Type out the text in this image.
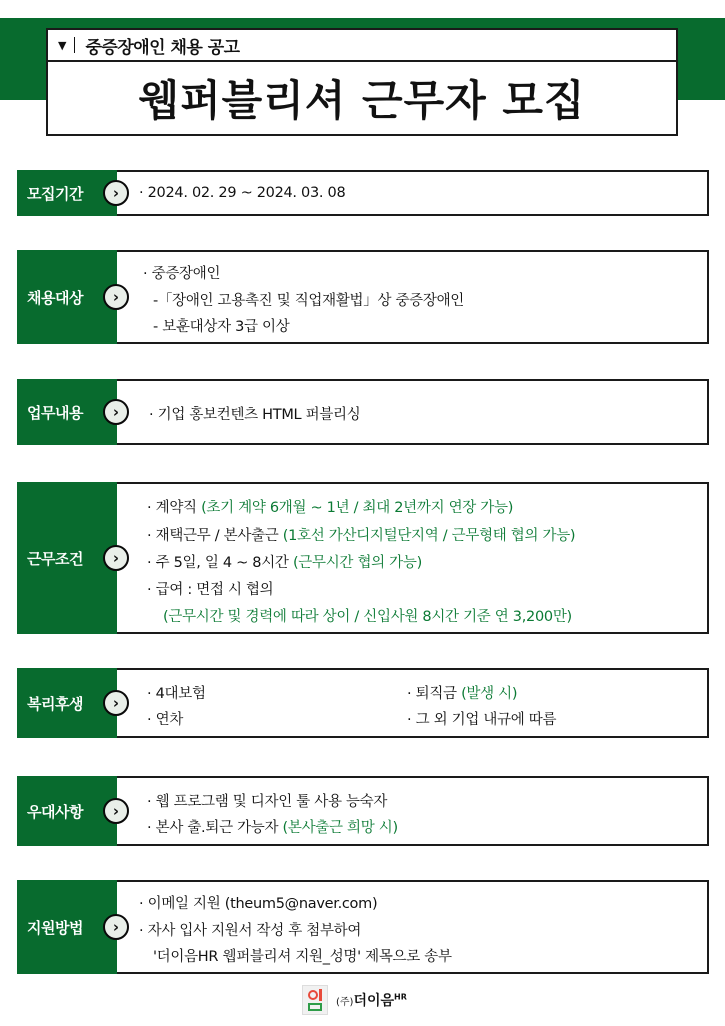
▼ 중증장애인 채용 공고
웹퍼블리셔 근무자 모집
· 2024. 02. 29 ~ 2024. 03. 08
모집기간	›
· 중증장애인
-「장애인 고용촉진 및 직업재활법」상 중증장애인
- 보훈대상자 3급 이상
채용대상	›
· 기업 홍보컨텐츠 HTML 퍼블리싱
업무내용	›
· 계약직 (초기 계약 6개월 ~ 1년 / 최대 2년까지 연장 가능)
· 재택근무 / 본사출근 (1호선 가산디지털단지역 / 근무형태 협의 가능)
· 주 5일, 일 4 ~ 8시간 (근무시간 협의 가능)
· 급여 : 면접 시 협의
(근무시간 및 경력에 따라 상이 / 신입사원 8시간 기준 연 3,200만)
근무조건	›
· 4대보험
· 연차
· 퇴직금 (발생 시)
· 그 외 기업 내규에 따름
복리후생	›
· 웹 프로그램 및 디자인 툴 사용 능숙자
· 본사 출.퇴근 가능자 (본사출근 희망 시)
우대사항	›
· 이메일 지원 (theum5@naver.com)
· 자사 입사 지원서 작성 후 첨부하여
'더이음HR 웹퍼블리셔 지원_성명' 제목으로 송부
지원방법	›
(주)더이음$^{HR}$
